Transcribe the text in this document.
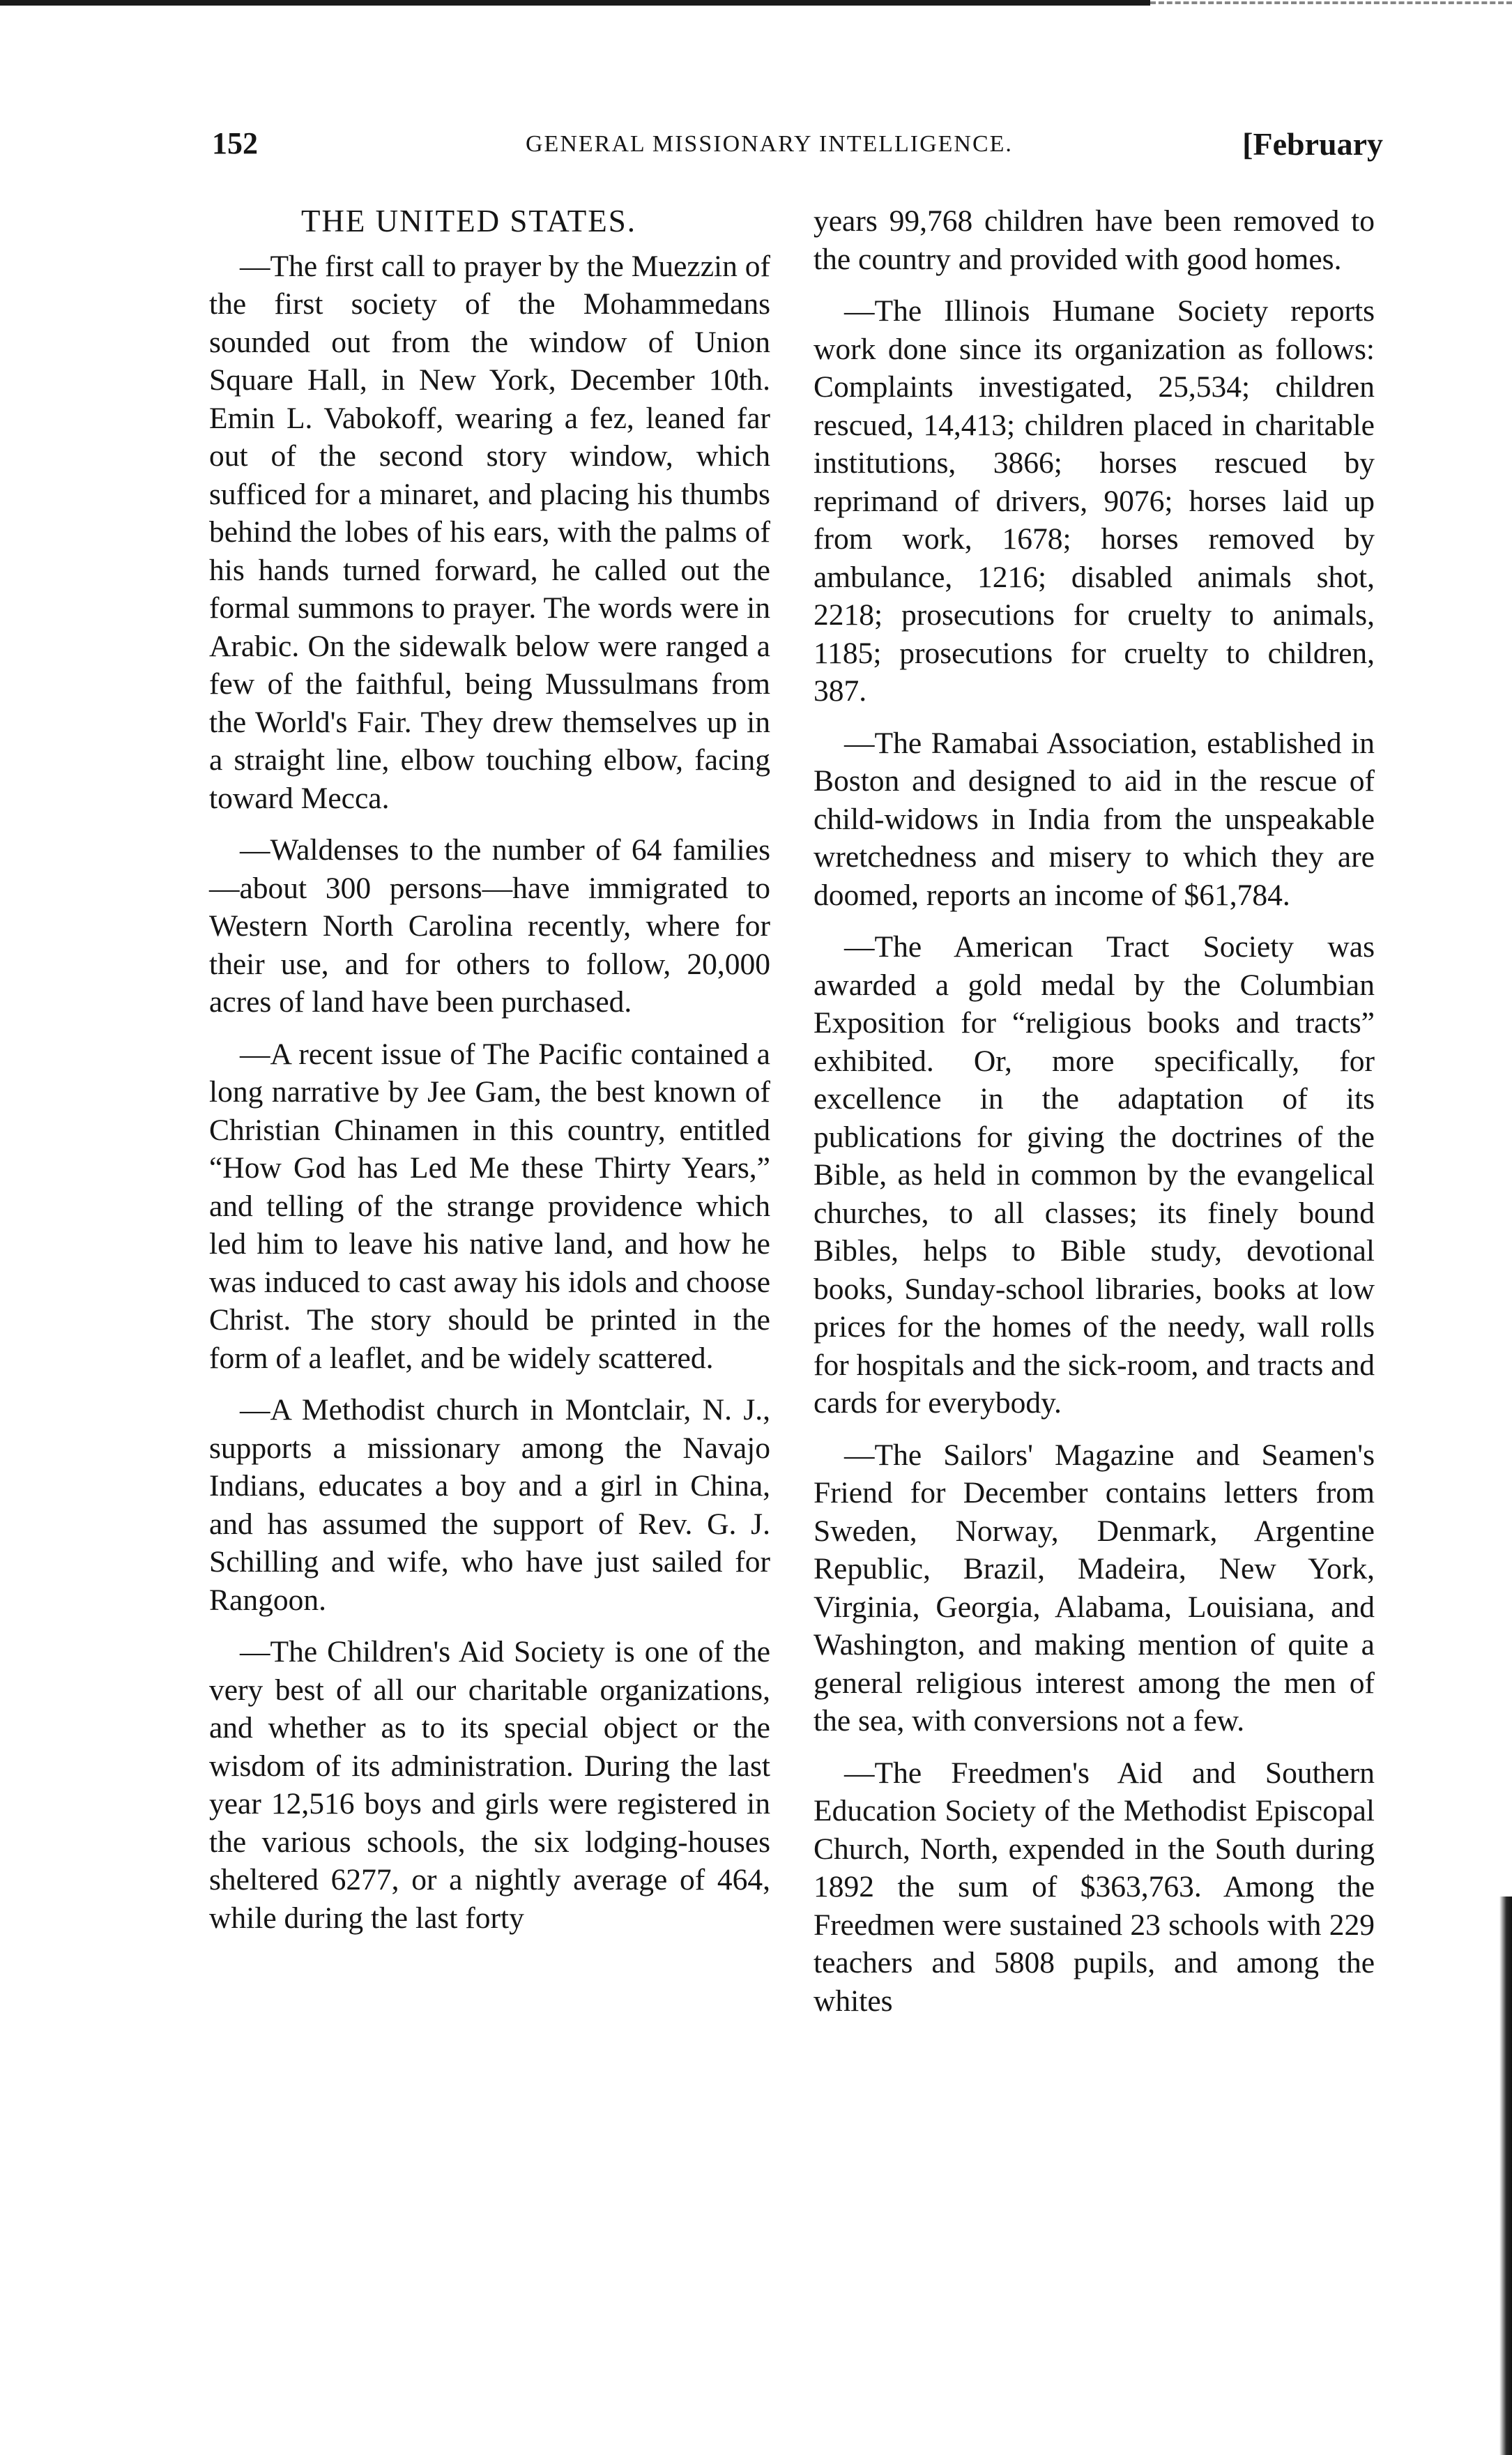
152	GENERAL MISSIONARY INTELLIGENCE.	[February
THE UNITED STATES.

—The first call to prayer by the Muezzin of the first society of the Mohammedans sounded out from the window of Union Square Hall, in New York, December 10th. Emin L. Vabokoff, wearing a fez, leaned far out of the second story window, which sufficed for a minaret, and placing his thumbs behind the lobes of his ears, with the palms of his hands turned forward, he called out the formal summons to prayer. The words were in Arabic. On the sidewalk below were ranged a few of the faithful, being Mussulmans from the World's Fair. They drew themselves up in a straight line, elbow touching elbow, facing toward Mecca.

—Waldenses to the number of 64 families—about 300 persons—have immigrated to Western North Carolina recently, where for their use, and for others to follow, 20,000 acres of land have been purchased.

—A recent issue of The Pacific contained a long narrative by Jee Gam, the best known of Christian Chinamen in this country, entitled “How God has Led Me these Thirty Years,” and telling of the strange providence which led him to leave his native land, and how he was induced to cast away his idols and choose Christ. The story should be printed in the form of a leaflet, and be widely scattered.

—A Methodist church in Montclair, N. J., supports a missionary among the Navajo Indians, educates a boy and a girl in China, and has assumed the support of Rev. G. J. Schilling and wife, who have just sailed for Rangoon.

—The Children's Aid Society is one of the very best of all our charitable organizations, and whether as to its special object or the wisdom of its administration. During the last year 12,516 boys and girls were registered in the various schools, the six lodging-houses sheltered 6277, or a nightly average of 464, while during the last forty

years 99,768 children have been removed to the country and provided with good homes.

—The Illinois Humane Society reports work done since its organization as follows: Complaints investigated, 25,534; children rescued, 14,413; children placed in charitable institutions, 3866; horses rescued by reprimand of drivers, 9076; horses laid up from work, 1678; horses removed by ambulance, 1216; disabled animals shot, 2218; prosecutions for cruelty to animals, 1185; prosecutions for cruelty to children, 387.

—The Ramabai Association, established in Boston and designed to aid in the rescue of child-widows in India from the unspeakable wretchedness and misery to which they are doomed, reports an income of $61,784.

—The American Tract Society was awarded a gold medal by the Columbian Exposition for “religious books and tracts” exhibited. Or, more specifically, for excellence in the adaptation of its publications for giving the doctrines of the Bible, as held in common by the evangelical churches, to all classes; its finely bound Bibles, helps to Bible study, devotional books, Sunday-school libraries, books at low prices for the homes of the needy, wall rolls for hospitals and the sick-room, and tracts and cards for everybody.

—The Sailors' Magazine and Seamen's Friend for December contains letters from Sweden, Norway, Denmark, Argentine Republic, Brazil, Madeira, New York, Virginia, Georgia, Alabama, Louisiana, and Washington, and making mention of quite a general religious interest among the men of the sea, with conversions not a few.

—The Freedmen's Aid and Southern Education Society of the Methodist Episcopal Church, North, expended in the South during 1892 the sum of $363,763. Among the Freedmen were sustained 23 schools with 229 teachers and 5808 pupils, and among the whites
